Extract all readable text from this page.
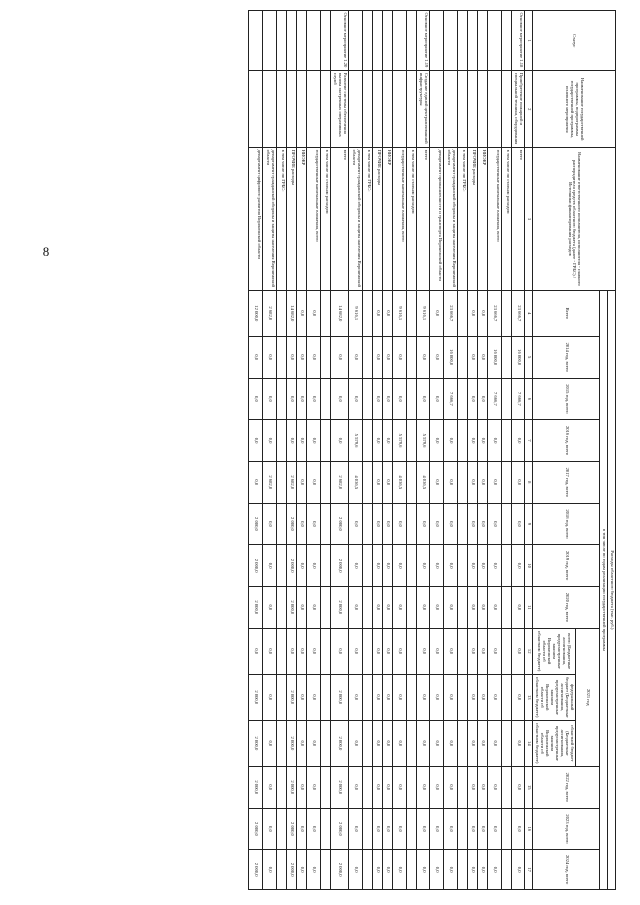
8
Статус	Наименование государственной программы, подпрограммы государственной программы, основного мероприятия	Наименование ответственного исполнителя, исполнителя - главного распорядителя средств областного бюджета (далее - ГРБС) / Источники финансирования расходов	Расходы областного бюджета (тыс. руб.)													
			в том числе по годам реализации государственной программы													
			Всего	2014 год, всего	2015 год, всего	2016 год, всего	2017 год, всего	2018 год, всего	2019 год, всего	2020 год, всего	2021 год			2022 год, всего	2023 год, всего	2024 год, всего
											всего (Бюджетные ассигнования, предусмотренные законом Воронежской области об областном бюджете)	федеральный бюджет (Бюджетные ассигнования, предусмотренные законом Воронежской области об областном бюджете)	областной бюджет (Бюджетные ассигнования, предусмотренные законом Воронежской области об областном бюджете)			
1	2	3	4	5	6	7	8	9	10	11	12	13	14	15	16	17
Основное мероприятие 1.18	Приобретение пожарной и специальной техники, оборудования	всего	23 666,7	16 000,0	7 666,7	0,0	0,0	0,0	0,0	0,0	0,0	0,0	0,0	0,0	0,0	0,0
		в том числе по статьям расходов:														
		государственные капитальные вложения, всего	23 666,7	16 000,0	7 666,7	0,0	0,0	0,0	0,0	0,0	0,0	0,0	0,0	0,0	0,0	0,0
		НИОКР	0,0	0,0	0,0	0,0	0,0	0,0	0,0	0,0	0,0	0,0	0,0	0,0	0,0	0,0
		ПРОЧИЕ расходы	0,0	0,0	0,0	0,0	0,0	0,0	0,0	0,0	0,0	0,0	0,0	0,0	0,0	0,0
		в том числе по ГРБС:														
		департамент гражданской обороны и защиты населения Воронежской области	23 666,7	16 000,0	7 666,7	0,0	0,0	0,0	0,0	0,0	0,0	0,0	0,0	0,0	0,0	0,0
		департамент промышленности и транспорта Воронежской области	0,0	0,0	0,0	0,0	0,0	0,0	0,0	0,0	0,0	0,0	0,0	0,0	0,0	0,0
Основное мероприятие 1.19	Создание единой централизованной инфраструктуры	всего	9 616,1	0,0	0,0	5 579,6	4 036,5	0,0	0,0	0,0	0,0	0,0	0,0	0,0	0,0	0,0
		в том числе по статьям расходов:														
		государственные капитальные вложения, всего	9 616,1	0,0	0,0	5 579,6	4 036,5	0,0	0,0	0,0	0,0	0,0	0,0	0,0	0,0	0,0
		НИОКР	0,0	0,0	0,0	0,0	0,0	0,0	0,0	0,0	0,0	0,0	0,0	0,0	0,0	0,0
		ПРОЧИЕ расходы	0,0	0,0	0,0	0,0	0,0	0,0	0,0	0,0	0,0	0,0	0,0	0,0	0,0	0,0
		в том числе по ГРБС:														
		департамент гражданской обороны и защиты населения Воронежской области	9 616,1	0,0	0,0	5 579,6	4 036,5	0,0	0,0	0,0	0,0	0,0	0,0	0,0	0,0	0,0
Основное мероприятие 1.20	Развитие системы обеспечения вызова экстренных оперативных служб	всего	14 682,0	0,0	0,0	0,0	2 682,0	2 000,0	2 000,0	2 000,0	0,0	2 000,0	2 000,0	2 000,0	2 000,0	2 000,0
		в том числе по статьям расходов:														
		государственные капитальные вложения, всего	0,0	0,0	0,0	0,0	0,0	0,0	0,0	0,0	0,0	0,0	0,0	0,0	0,0	0,0
		НИОКР	0,0	0,0	0,0	0,0	0,0	0,0	0,0	0,0	0,0	0,0	0,0	0,0	0,0	0,0
		ПРОЧИЕ расходы	14 682,0	0,0	0,0	0,0	2 682,0	2 000,0	2 000,0	2 000,0	0,0	2 000,0	2 000,0	2 000,0	2 000,0	2 000,0
		в том числе по ГРБС:														
		департамент гражданской обороны и защиты населения Воронежской области	2 682,0	0,0	0,0	0,0	2 682,0	0,0	0,0	0,0	0,0	0,0	0,0	0,0	0,0	0,0
		департамент цифрового развития Воронежской области	12 000,0	0,0	0,0	0,0	0,0	2 000,0	2 000,0	2 000,0	0,0	2 000,0	2 000,0	2 000,0	2 000,0	2 000,0
